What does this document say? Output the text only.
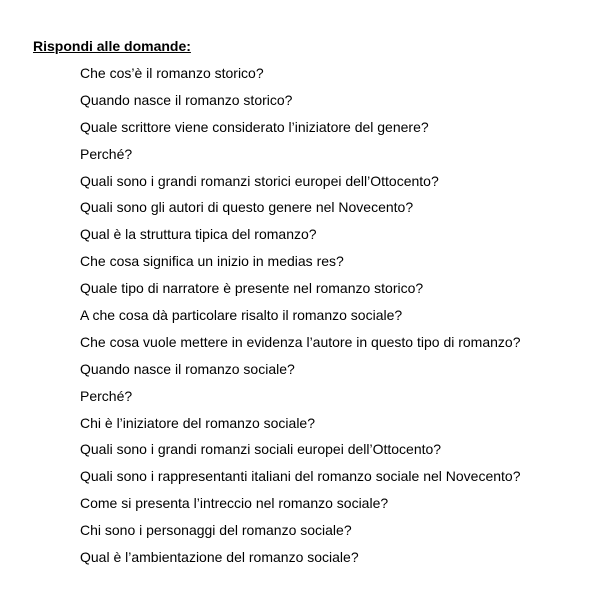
Rispondi alle domande:
Che cos’è il romanzo storico?
Quando nasce il romanzo storico?
Quale scrittore viene considerato l’iniziatore del genere?
Perché?
Quali sono i grandi romanzi storici europei dell’Ottocento?
Quali sono gli autori di questo genere nel Novecento?
Qual è la struttura tipica del romanzo?
Che cosa significa un inizio in medias res?
Quale tipo di narratore è presente nel romanzo storico?
A che cosa dà particolare risalto il romanzo sociale?
Che cosa vuole mettere in evidenza l’autore in questo tipo di romanzo?
Quando nasce il romanzo sociale?
Perché?
Chi è l’iniziatore del romanzo sociale?
Quali sono i grandi romanzi sociali europei dell’Ottocento?
Quali sono i rappresentanti italiani del romanzo sociale nel Novecento?
Come si presenta l’intreccio nel romanzo sociale?
Chi sono i personaggi del romanzo sociale?
Qual è l’ambientazione del romanzo sociale?
